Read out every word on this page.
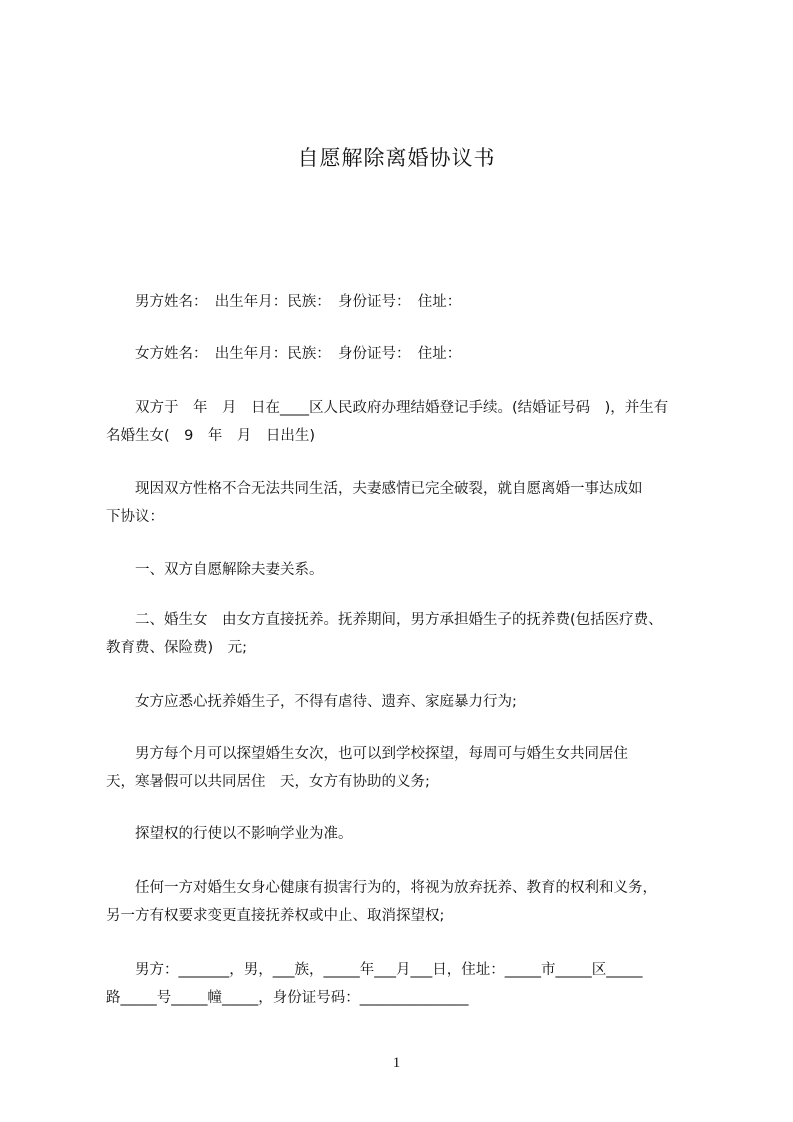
自愿解除离婚协议书
　　男方姓名：　出生年月：民族：　身份证号：　住址：
　　女方姓名：　出生年月：民族：　身份证号：　住址：
　　双方于　年　月　日在____区人民政府办理结婚登记手续。(结婚证号码　)，并生有
名婚生女(　9　年　月　日出生)
　　现因双方性格不合无法共同生活，夫妻感情已完全破裂，就自愿离婚一事达成如
下协议：
　　一、双方自愿解除夫妻关系。
　　二、婚生女　由女方直接抚养。抚养期间，男方承担婚生子的抚养费(包括医疗费、
教育费、保险费)　元;
　　女方应悉心抚养婚生子，不得有虐待、遗弃、家庭暴力行为;
　　男方每个月可以探望婚生女次，也可以到学校探望，每周可与婚生女共同居住
天，寒暑假可以共同居住　天，女方有协助的义务;
　　探望权的行使以不影响学业为准。
　　任何一方对婚生女身心健康有损害行为的，将视为放弃抚养、教育的权利和义务，
另一方有权要求变更直接抚养权或中止、取消探望权;
　　男方：_______，男，___族，_____年___月___日，住址：_____市_____区_____
路_____号_____幢_____，身份证号码：_______________
1
